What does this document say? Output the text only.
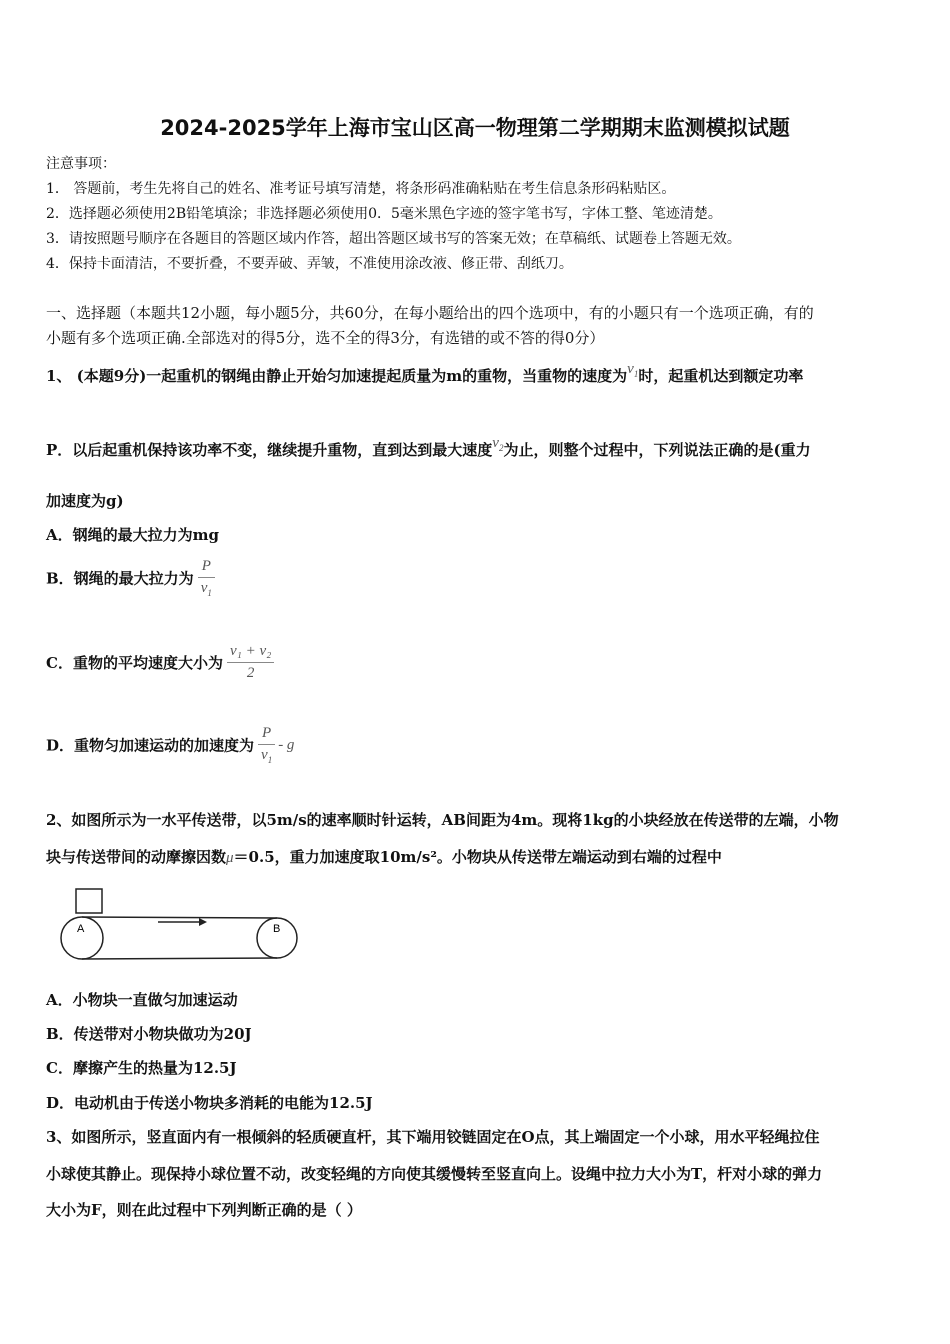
2024-2025学年上海市宝山区高一物理第二学期期末监测模拟试题
注意事项：
1． 答题前，考生先将自己的姓名、准考证号填写清楚，将条形码准确粘贴在考生信息条形码粘贴区。
2．选择题必须使用2B铅笔填涂；非选择题必须使用0．5毫米黑色字迹的签字笔书写，字体工整、笔迹清楚。
3．请按照题号顺序在各题目的答题区域内作答，超出答题区域书写的答案无效；在草稿纸、试题卷上答题无效。
4．保持卡面清洁，不要折叠，不要弄破、弄皱，不准使用涂改液、修正带、刮纸刀。
一、选择题（本题共12小题，每小题5分，共60分，在每小题给出的四个选项中，有的小题只有一个选项正确，有的
小题有多个选项正确.全部选对的得5分，选不全的得3分，有选错的或不答的得0分）
1、 (本题9分)一起重机的钢绳由静止开始匀加速提起质量为m的重物，当重物的速度为$v_1$时，起重机达到额定功率
P．以后起重机保持该功率不变，继续提升重物，直到达到最大速度$v_2$为止，则整个过程中，下列说法正确的是(重力
加速度为g)
A．钢绳的最大拉力为mg
B．钢绳的最大拉力为 $\frac{P}{v_1}$
C．重物的平均速度大小为 $\frac{\text{v₁ + v₂}}{2}$
D．重物匀加速运动的加速度为 $\frac{P}{v_1}$ - g
2、如图所示为一水平传送带，以5m/s的速率顺时针运转，AB间距为4m。现将1kg的小块经放在传送带的左端，小物
块与传送带间的动摩擦因数μ＝0.5，重力加速度取10m/s²。小物块从传送带左端运动到右端的过程中
A	B
A．小物块一直做匀加速运动
B．传送带对小物块做功为20J
C．摩擦产生的热量为12.5J
D．电动机由于传送小物块多消耗的电能为12.5J
3、如图所示，竖直面内有一根倾斜的轻质硬直杆，其下端用铰链固定在O点，其上端固定一个小球，用水平轻绳拉住
小球使其静止。现保持小球位置不动，改变轻绳的方向使其缓慢转至竖直向上。设绳中拉力大小为T，杆对小球的弹力
大小为F，则在此过程中下列判断正确的是（ ）
